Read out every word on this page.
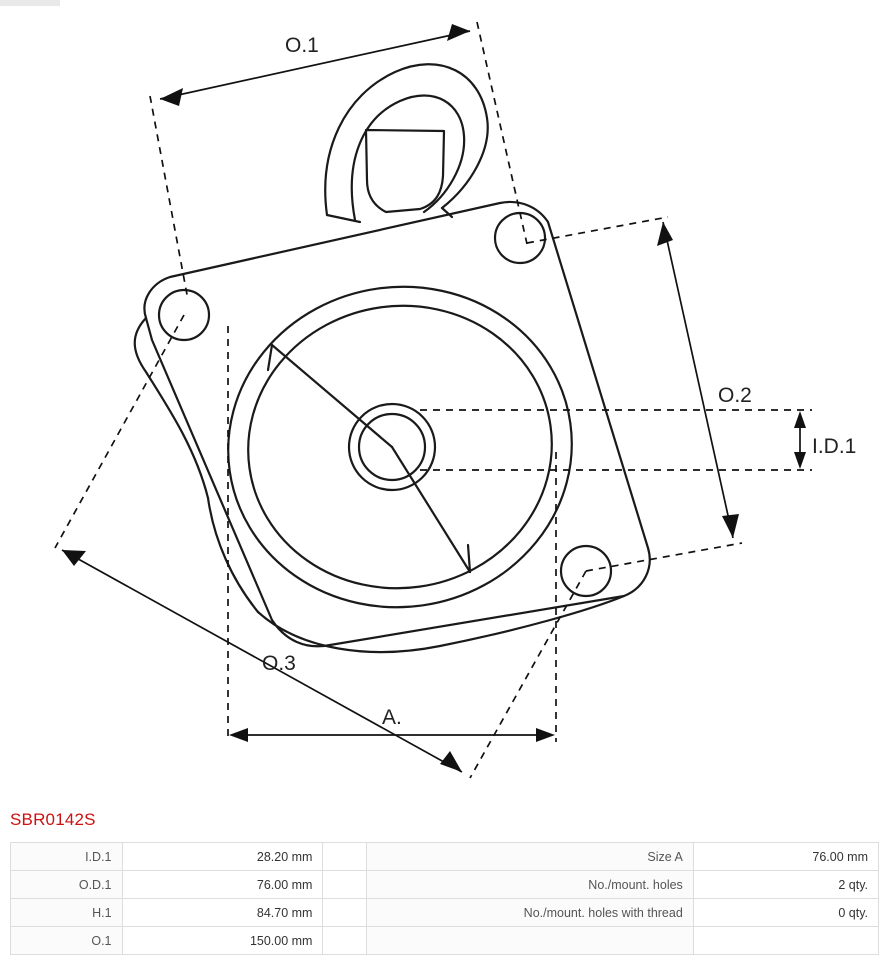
O.1
O.2
I.D.1
O.3
A.
SBR0142S
I.D.1	28.20 mm		Size A	76.00 mm
O.D.1	76.00 mm		No./mount. holes	2 qty.
H.1	84.70 mm		No./mount. holes with thread	0 qty.
O.1	150.00 mm			
